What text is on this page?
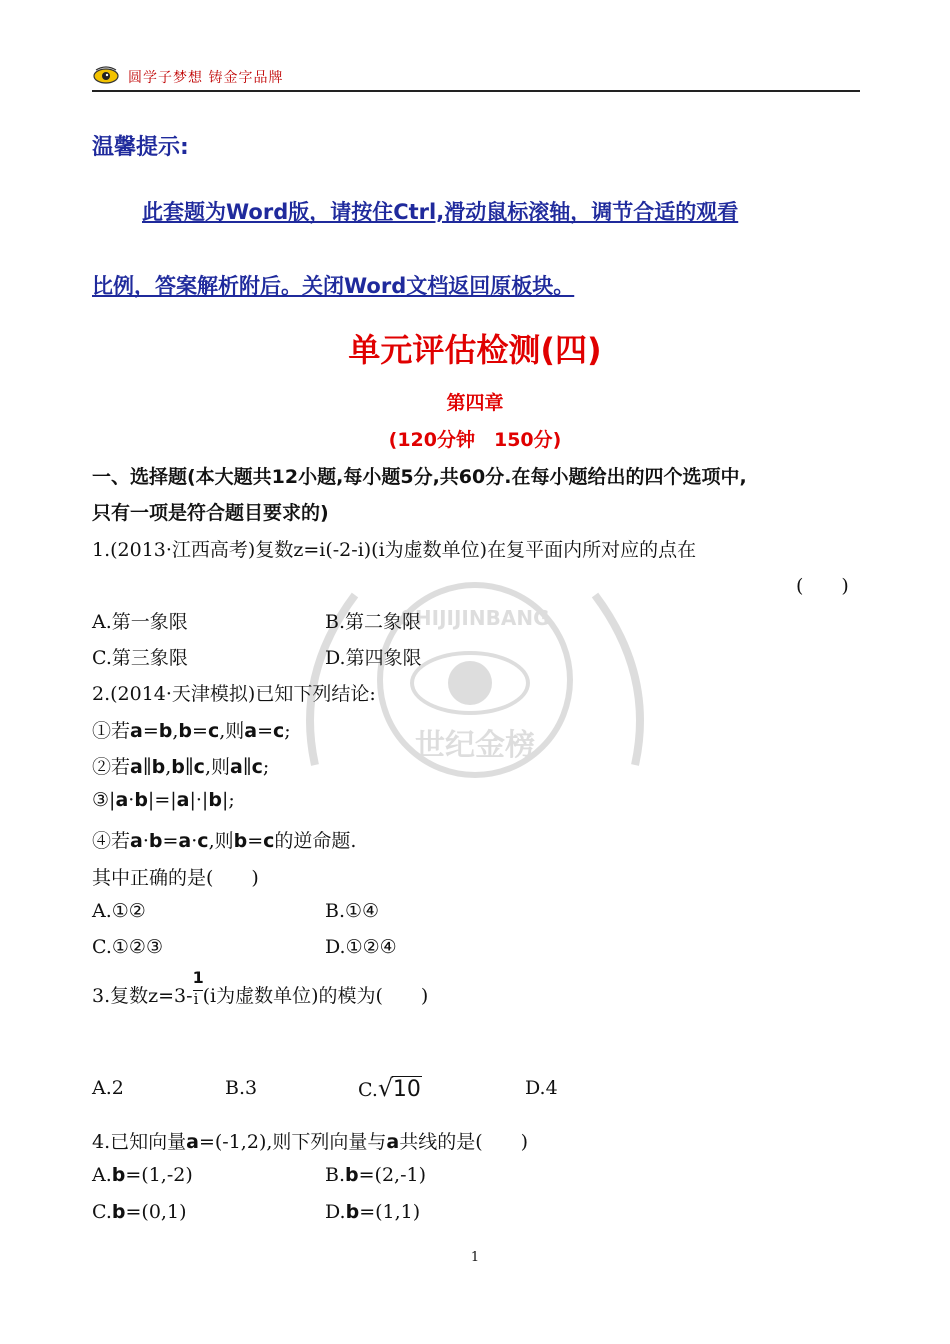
圆学子梦想 铸金字品牌
温馨提示:
此套题为Word版，请按住Ctrl,滑动鼠标滚轴，调节合适的观看
比例，答案解析附后。关闭Word文档返回原板块。
单元评估检测(四)
第四章
(120分钟　150分)
SHIJIJINBANG
世纪金榜
一、选择题(本大题共12小题,每小题5分,共60分.在每小题给出的四个选项中,
只有一项是符合题目要求的)
1.(2013·江西高考)复数z=i(-2-i)(i为虚数单位)在复平面内所对应的点在
(　　)
A.第一象限	B.第二象限
C.第三象限	D.第四象限
2.(2014·天津模拟)已知下列结论:
①若a=b,b=c,则a=c;
②若a∥b,b∥c,则a∥c;
③|a·b|=|a|·|b|;
④若a·b=a·c,则b=c的逆命题.
其中正确的是(　　)
A.①②	B.①④
C.①②③	D.①②④
3.复数$z=3- \frac{1}{i} (i$为虚数单位)的模为(　　)
A.2	B.3	C. √ 10	D.4
4.已知向量a=(-1,2),则下列向量与a共线的是(　　)
A.b=(1,-2)	B.b=(2,-1)
C.b=(0,1)	D.b=(1,1)
1
